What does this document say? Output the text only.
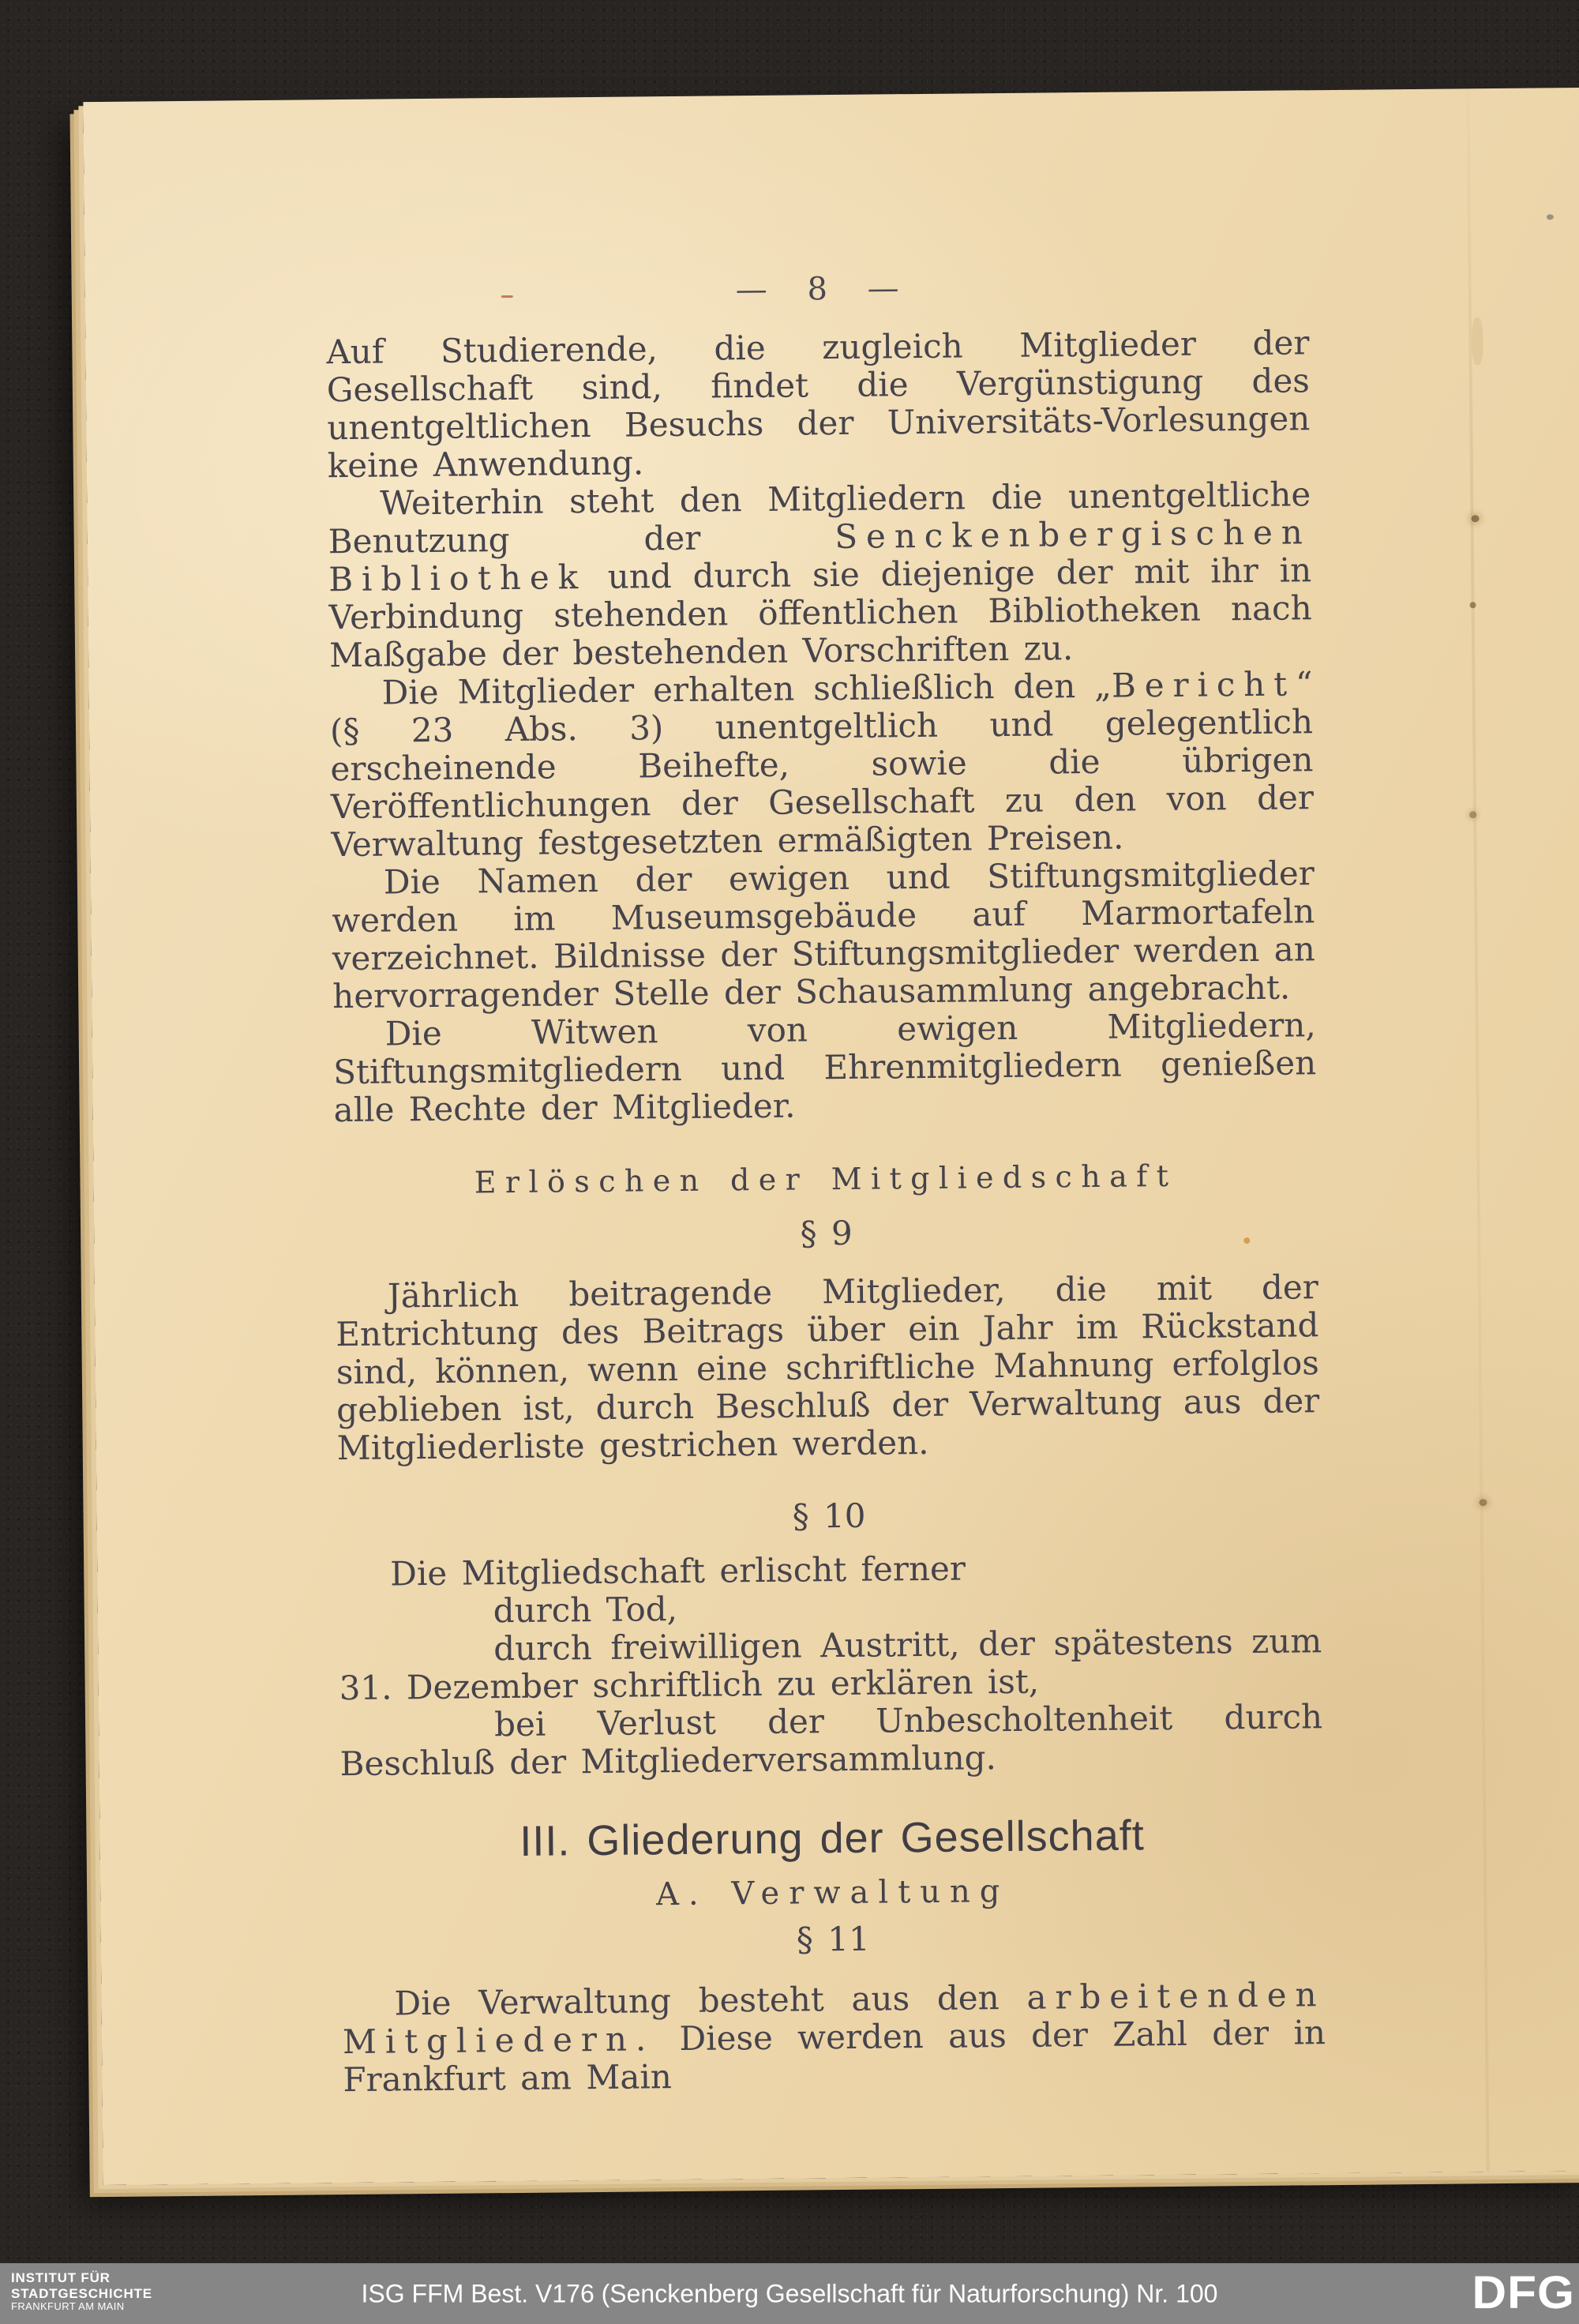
— 8 —
Auf Studierende, die zugleich Mitglieder der Gesellschaft sind, findet die Vergünstigung des unentgeltlichen Besuchs der Universitäts-Vorlesungen keine Anwendung.
Weiterhin steht den Mitgliedern die unentgeltliche Benutzung der Senckenbergischen Bibliothek und durch sie diejenige der mit ihr in Verbindung stehenden öffentlichen Bibliotheken nach Maßgabe der bestehenden Vorschriften zu.
Die Mitglieder erhalten schließlich den „Bericht“ (§ 23 Abs. 3) unentgeltlich und gelegentlich erscheinende Beihefte, sowie die übrigen Veröffentlichungen der Gesellschaft zu den von der Verwaltung festgesetzten ermäßigten Preisen.
Die Namen der ewigen und Stiftungsmitglieder werden im Museumsgebäude auf Marmortafeln verzeichnet. Bildnisse der Stiftungsmitglieder werden an hervorragender Stelle der Schausammlung angebracht.
Die Witwen von ewigen Mitgliedern, Stiftungsmitgliedern und Ehrenmitgliedern genießen alle Rechte der Mitglieder.
Erlöschen der Mitgliedschaft
§ 9
Jährlich beitragende Mitglieder, die mit der Entrichtung des Beitrags über ein Jahr im Rückstand sind, können, wenn eine schriftliche Mahnung erfolglos geblieben ist, durch Beschluß der Verwaltung aus der Mitgliederliste gestrichen werden.
§ 10
Die Mitgliedschaft erlischt ferner
durch Tod,
durch freiwilligen Austritt, der spätestens zum 31. Dezember schriftlich zu erklären ist,
bei Verlust der Unbescholtenheit durch Beschluß der Mitgliederversammlung.
III. Gliederung der Gesellschaft
A. Verwaltung
§ 11
Die Verwaltung besteht aus den arbeitenden Mitgliedern. Diese werden aus der Zahl der in Frankfurt am Main
INSTITUT FÜR
STADTGESCHICHTE
FRANKFURT AM MAIN	ISG FFM Best. V176 (Senckenberg Gesellschaft für Naturforschung) Nr. 100	DFG
